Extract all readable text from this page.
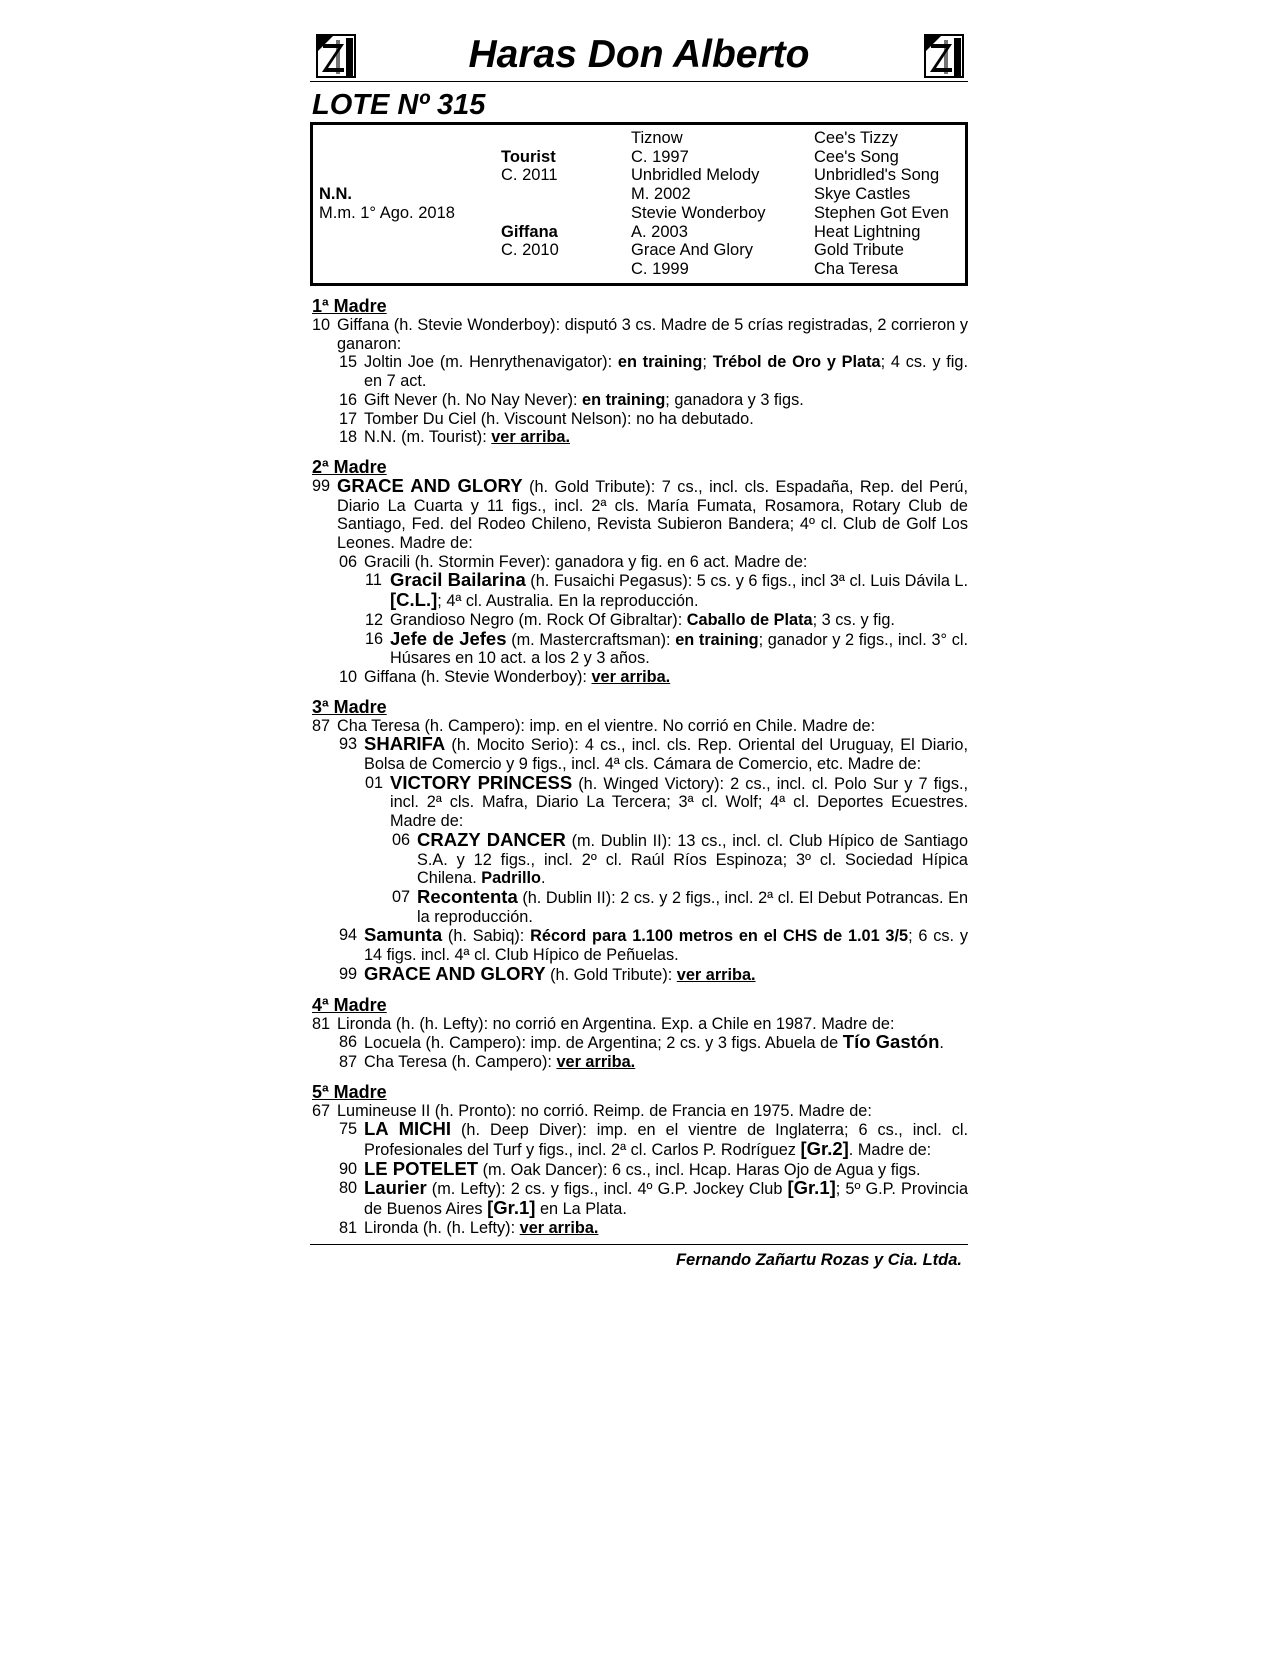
Haras Don Alberto
LOTE Nº 315
		Tiznow	Cee's Tizzy
	Tourist	C. 1997	Cee's Song
	C. 2011	Unbridled Melody	Unbridled's Song
N.N.		M. 2002	Skye Castles
M.m. 1° Ago. 2018		Stevie Wonderboy	Stephen Got Even
	Giffana	A. 2003	Heat Lightning
	C. 2010	Grace And Glory	Gold Tribute
		C. 1999	Cha Teresa
1ª Madre
10 Giffana (h. Stevie Wonderboy): disputó 3 cs. Madre de 5 crías registradas, 2 corrieron y ganaron:
15 Joltin Joe (m. Henrythenavigator): en training; Trébol de Oro y Plata; 4 cs. y fig. en 7 act.
16 Gift Never (h. No Nay Never): en training; ganadora y 3 figs.
17 Tomber Du Ciel (h. Viscount Nelson): no ha debutado.
18 N.N. (m. Tourist): ver arriba.
2ª Madre
99 GRACE AND GLORY (h. Gold Tribute): 7 cs., incl. cls. Espadaña, Rep. del Perú, Diario La Cuarta y 11 figs., incl. 2ª cls. María Fumata, Rosamora, Rotary Club de Santiago, Fed. del Rodeo Chileno, Revista Subieron Bandera; 4º cl. Club de Golf Los Leones. Madre de:
06 Gracili (h. Stormin Fever): ganadora y fig. en 6 act. Madre de:
11 Gracil Bailarina (h. Fusaichi Pegasus): 5 cs. y 6 figs., incl 3ª cl. Luis Dávila L. [C.L.]; 4ª cl. Australia. En la reproducción.
12 Grandioso Negro (m. Rock Of Gibraltar): Caballo de Plata; 3 cs. y fig.
16 Jefe de Jefes (m. Mastercraftsman): en training; ganador y 2 figs., incl. 3° cl. Húsares en 10 act. a los 2 y 3 años.
10 Giffana (h. Stevie Wonderboy): ver arriba.
3ª Madre
87 Cha Teresa (h. Campero): imp. en el vientre. No corrió en Chile. Madre de:
93 SHARIFA (h. Mocito Serio): 4 cs., incl. cls. Rep. Oriental del Uruguay, El Diario, Bolsa de Comercio y 9 figs., incl. 4ª cls. Cámara de Comercio, etc. Madre de:
01 VICTORY PRINCESS (h. Winged Victory): 2 cs., incl. cl. Polo Sur y 7 figs., incl. 2ª cls. Mafra, Diario La Tercera; 3ª cl. Wolf; 4ª cl. Deportes Ecuestres. Madre de:
06 CRAZY DANCER (m. Dublin II): 13 cs., incl. cl. Club Hípico de Santiago S.A. y 12 figs., incl. 2º cl. Raúl Ríos Espinoza; 3º cl. Sociedad Hípica Chilena. Padrillo.
07 Recontenta (h. Dublin II): 2 cs. y 2 figs., incl. 2ª cl. El Debut Potrancas. En la reproducción.
94 Samunta (h. Sabiq): Récord para 1.100 metros en el CHS de 1.01 3/5; 6 cs. y 14 figs. incl. 4ª cl. Club Hípico de Peñuelas.
99 GRACE AND GLORY (h. Gold Tribute): ver arriba.
4ª Madre
81 Lironda (h. (h. Lefty): no corrió en Argentina. Exp. a Chile en 1987. Madre de:
86 Locuela (h. Campero): imp. de Argentina; 2 cs. y 3 figs. Abuela de Tío Gastón.
87 Cha Teresa (h. Campero): ver arriba.
5ª Madre
67 Lumineuse II (h. Pronto): no corrió. Reimp. de Francia en 1975. Madre de:
75 LA MICHI (h. Deep Diver): imp. en el vientre de Inglaterra; 6 cs., incl. cl. Profesionales del Turf y figs., incl. 2ª cl. Carlos P. Rodríguez [Gr.2]. Madre de:
90 LE POTELET (m. Oak Dancer): 6 cs., incl. Hcap. Haras Ojo de Agua y figs.
80 Laurier (m. Lefty): 2 cs. y figs., incl. 4º G.P. Jockey Club [Gr.1]; 5º G.P. Provincia de Buenos Aires [Gr.1] en La Plata.
81 Lironda (h. (h. Lefty): ver arriba.
Fernando Zañartu Rozas y Cia. Ltda.
